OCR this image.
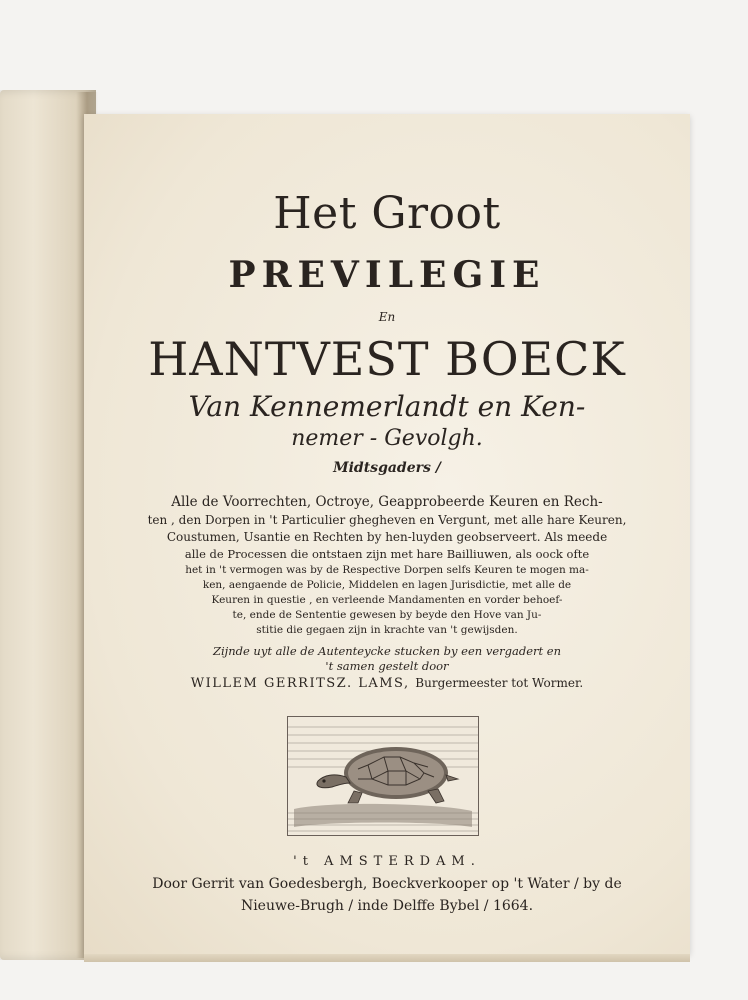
Het Groot
PREVILEGIE
En
HANTVEST BOECK
Van Kennemerlandt en Ken-
nemer - Gevolgh.
Midtsgaders /
Alle de Voorrechten, Octroye, Geapprobeerde Keuren en Rech-
ten , den Dorpen in 't Particulier ghegheven en Vergunt, met alle hare Keuren,
Coustumen, Usantie en Rechten by hen-luyden geobserveert. Als meede
alle de Processen die ontstaen zijn met hare Bailliuwen, als oock ofte
het in 't vermogen was by de Respective Dorpen selfs Keuren te mogen ma-
ken, aengaende de Policie, Middelen en lagen Jurisdictie, met alle de
Keuren in questie , en verleende Mandamenten en vorder behoef-
te, ende de Sententie gewesen by beyde den Hove van Ju-
stitie die gegaen zijn in krachte van 't gewijsden.
Zijnde uyt alle de Autenteycke stucken by een vergadert en
't samen gestelt door
WILLEM GERRITSZ. LAMS, Burgermeester tot Wormer.
't AMSTERDAM.
Door Gerrit van Goedesbergh, Boeckverkooper op 't Water / by de
Nieuwe-Brugh / inde Delffe Bybel / 1664.
